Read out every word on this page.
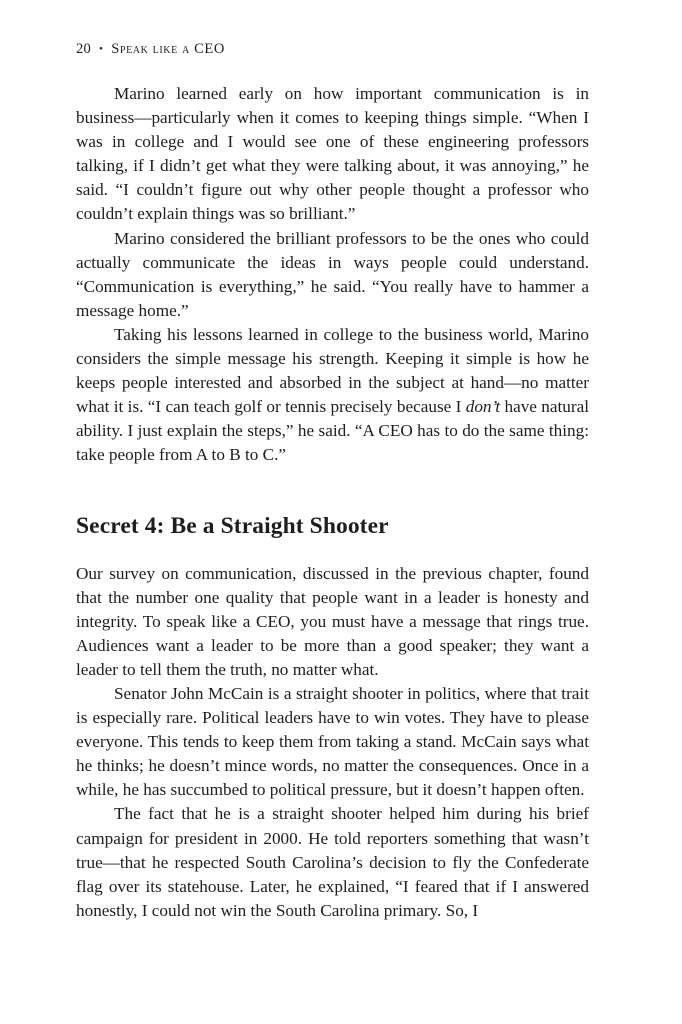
20 • Speak like a CEO

Marino learned early on how important communication is in business—particularly when it comes to keeping things simple. “When I was in college and I would see one of these engineering professors talking, if I didn’t get what they were talking about, it was annoying,” he said. “I couldn’t figure out why other people thought a professor who couldn’t explain things was so brilliant.”

Marino considered the brilliant professors to be the ones who could actually communicate the ideas in ways people could understand. “Communication is everything,” he said. “You really have to hammer a message home.”

Taking his lessons learned in college to the business world, Marino considers the simple message his strength. Keeping it simple is how he keeps people interested and absorbed in the subject at hand—no matter what it is. “I can teach golf or tennis precisely because I don’t have natural ability. I just explain the steps,” he said. “A CEO has to do the same thing: take people from A to B to C.”

Secret 4: Be a Straight Shooter

Our survey on communication, discussed in the previous chapter, found that the number one quality that people want in a leader is honesty and integrity. To speak like a CEO, you must have a message that rings true. Audiences want a leader to be more than a good speaker; they want a leader to tell them the truth, no matter what.

Senator John McCain is a straight shooter in politics, where that trait is especially rare. Political leaders have to win votes. They have to please everyone. This tends to keep them from taking a stand. McCain says what he thinks; he doesn’t mince words, no matter the consequences. Once in a while, he has succumbed to political pressure, but it doesn’t happen often.

The fact that he is a straight shooter helped him during his brief campaign for president in 2000. He told reporters something that wasn’t true—that he respected South Carolina’s decision to fly the Confederate flag over its statehouse. Later, he explained, “I feared that if I answered honestly, I could not win the South Carolina primary. So, I
